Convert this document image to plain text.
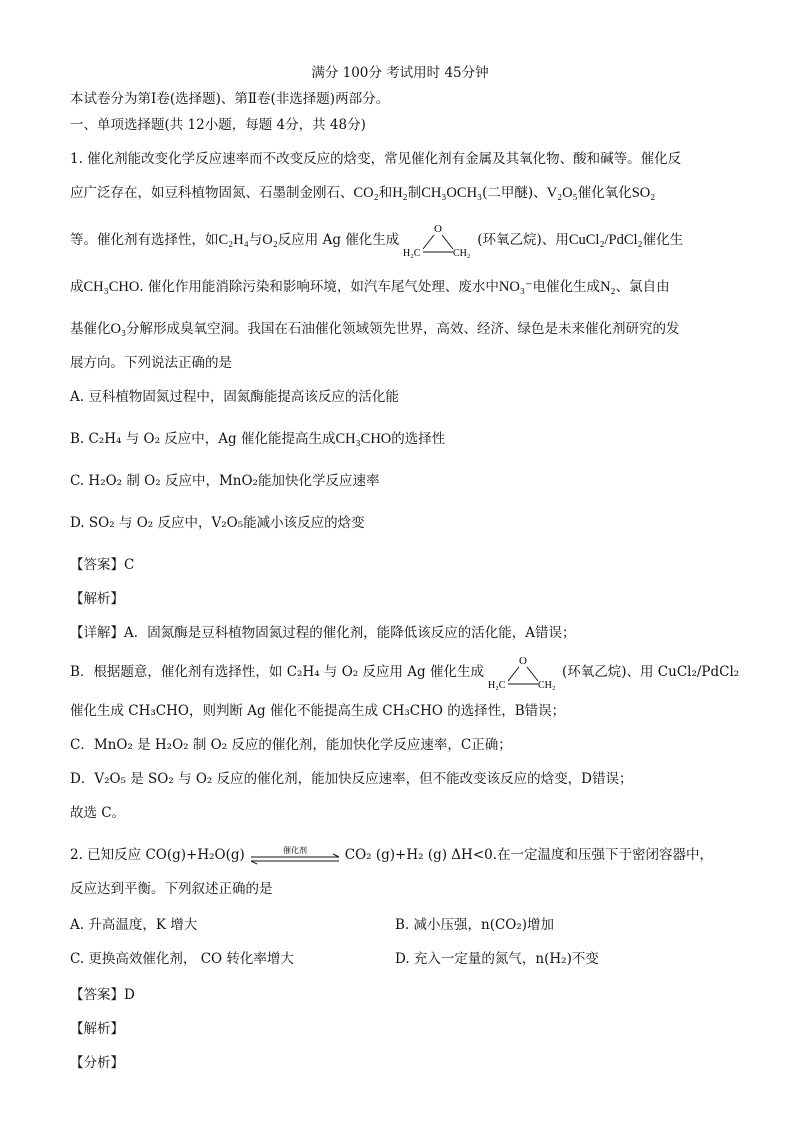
满分 100分 考试用时 45分钟
本试卷分为第Ⅰ卷(选择题)、第Ⅱ卷(非选择题)两部分。
一、单项选择题(共 12小题，每题 4分，共 48分)
1. 催化剂能改变化学反应速率而不改变反应的焓变，常见催化剂有金属及其氧化物、酸和碱等。催化反
应广泛存在，如豆科植物固氮、石墨制金刚石、CO₂和H₂制CH₃OCH₃(二甲醚)、V₂O₅催化氧化SO₂
等。催化剂有选择性，如C₂H₄与O₂反应用 Ag 催化生成
O
H₂C	CH₂
(环氧乙烷)、用CuCl₂/PdCl₂催化生
成CH₃CHO. 催化作用能消除污染和影响环境，如汽车尾气处理、废水中NO₃⁻电催化生成N₂、氯自由
基催化O₃分解形成臭氧空洞。我国在石油催化领域领先世界，高效、经济、绿色是未来催化剂研究的发
展方向。下列说法正确的是
A. 豆科植物固氮过程中，固氮酶能提高该反应的活化能
B. C₂H₄ 与 O₂ 反应中，Ag 催化能提高生成CH₃CHO的选择性
C. H₂O₂ 制 O₂ 反应中，MnO₂能加快化学反应速率
D. SO₂ 与 O₂ 反应中，V₂O₅能减小该反应的焓变
【答案】C
【解析】
【详解】A．固氮酶是豆科植物固氮过程的催化剂，能降低该反应的活化能，A错误；
B．根据题意，催化剂有选择性，如 C₂H₄ 与 O₂ 反应用 Ag 催化生成
O
H₂C	CH₂
(环氧乙烷)、用 CuCl₂/PdCl₂
催化生成 CH₃CHO，则判断 Ag 催化不能提高生成 CH₃CHO 的选择性，B错误；
C．MnO₂ 是 H₂O₂ 制 O₂ 反应的催化剂，能加快化学反应速率，C正确；
D．V₂O₅ 是 SO₂ 与 O₂ 反应的催化剂，能加快反应速率，但不能改变该反应的焓变，D错误；
故选 C。
2. 已知反应 CO(g)+H₂O(g)	催化剂	CO₂ (g)+H₂ (g) ΔH<0.在一定温度和压强下于密闭容器中，
反应达到平衡。下列叙述正确的是
A. 升高温度，K 增大	B. 减小压强，n(CO₂)增加
C. 更换高效催化剂， CO 转化率增大	D. 充入一定量的氮气，n(H₂)不变
【答案】D
【解析】
【分析】
